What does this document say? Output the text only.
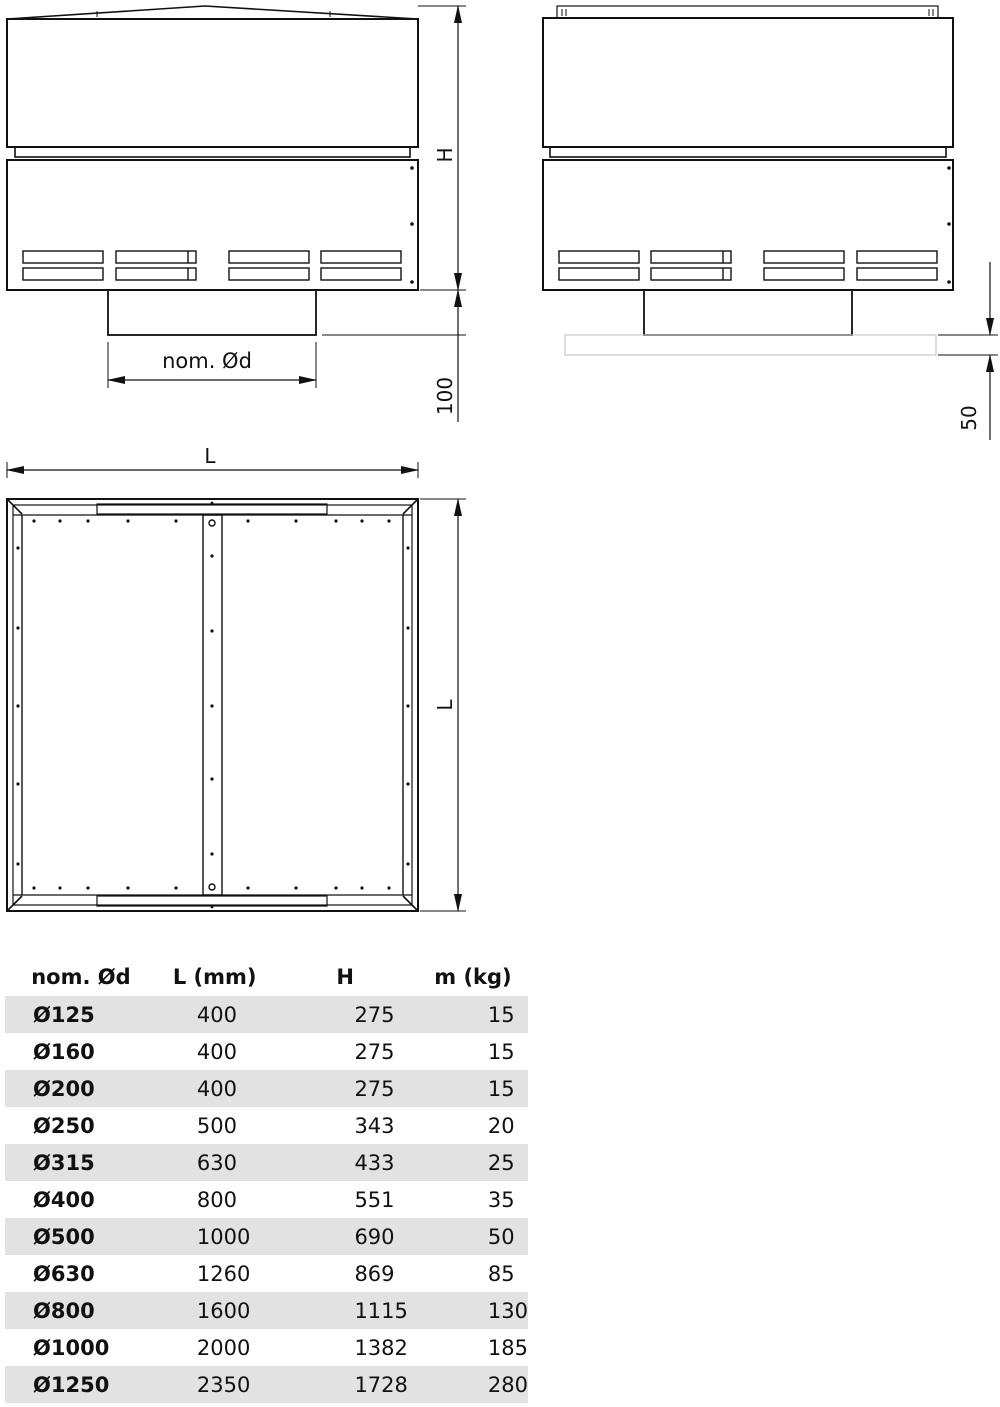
nom. Ød
H
100
50
L
L
nom. Ød	L (mm)	H	m (kg)
Ø125	400	275	15
Ø160	400	275	15
Ø200	400	275	15
Ø250	500	343	20
Ø315	630	433	25
Ø400	800	551	35
Ø500	1000	690	50
Ø630	1260	869	85
Ø800	1600	1115	130
Ø1000	2000	1382	185
Ø1250	2350	1728	280
